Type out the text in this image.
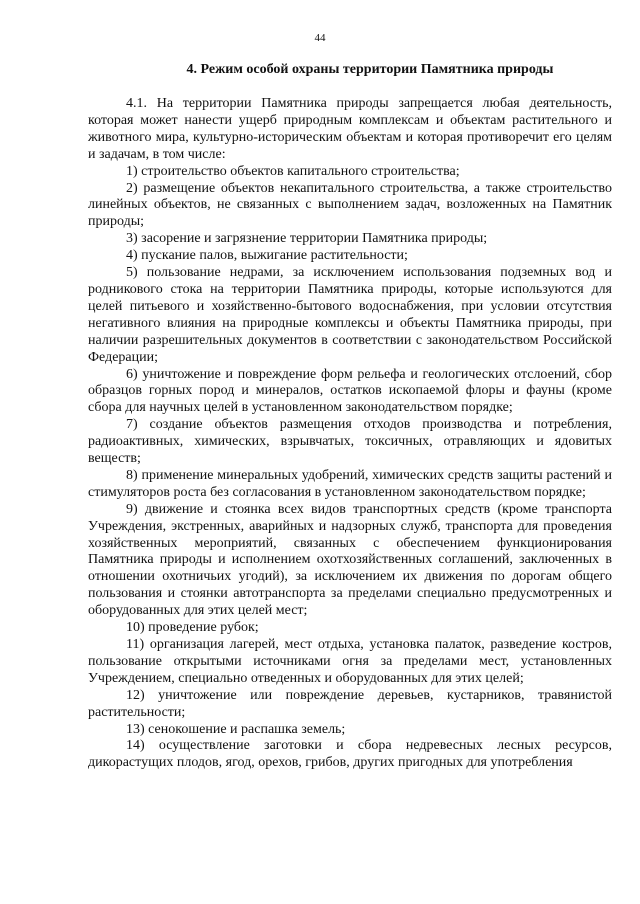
44
4. Режим особой охраны территории Памятника природы

4.1. На территории Памятника природы запрещается любая деятельность, которая может нанести ущерб природным комплексам и объектам растительного и животного мира, культурно-историческим объектам и которая противоречит его целям и задачам, в том числе:

1) строительство объектов капитального строительства;

2) размещение объектов некапитального строительства, а также строительство линейных объектов, не связанных с выполнением задач, возложенных на Памятник природы;

3) засорение и загрязнение территории Памятника природы;

4) пускание палов, выжигание растительности;

5) пользование недрами, за исключением использования подземных вод и родникового стока на территории Памятника природы, которые используются для целей питьевого и хозяйственно-бытового водоснабжения, при условии отсутствия негативного влияния на природные комплексы и объекты Памятника природы, при наличии разрешительных документов в соответствии с законодательством Российской Федерации;

6) уничтожение и повреждение форм рельефа и геологических отслоений, сбор образцов горных пород и минералов, остатков ископаемой флоры и фауны (кроме сбора для научных целей в установленном законодательством порядке;

7) создание объектов размещения отходов производства и потребления, радиоактивных, химических, взрывчатых, токсичных, отравляющих и ядовитых веществ;

8) применение минеральных удобрений, химических средств защиты растений и стимуляторов роста без согласования в установленном законодательством порядке;

9) движение и стоянка всех видов транспортных средств (кроме транспорта Учреждения, экстренных, аварийных и надзорных служб, транспорта для проведения хозяйственных мероприятий, связанных с обеспечением функционирования Памятника природы и исполнением охотхозяйственных соглашений, заключенных в отношении охотничьих угодий), за исключением их движения по дорогам общего пользования и стоянки автотранспорта за пределами специально предусмотренных и оборудованных для этих целей мест;

10) проведение рубок;

11) организация лагерей, мест отдыха, установка палаток, разведение костров, пользование открытыми источниками огня за пределами мест, установленных Учреждением, специально отведенных и оборудованных для этих целей;

12) уничтожение или повреждение деревьев, кустарников, травянистой растительности;

13) сенокошение и распашка земель;

14) осуществление заготовки и сбора недревесных лесных ресурсов, дикорастущих плодов, ягод, орехов, грибов, других пригодных для употребления
